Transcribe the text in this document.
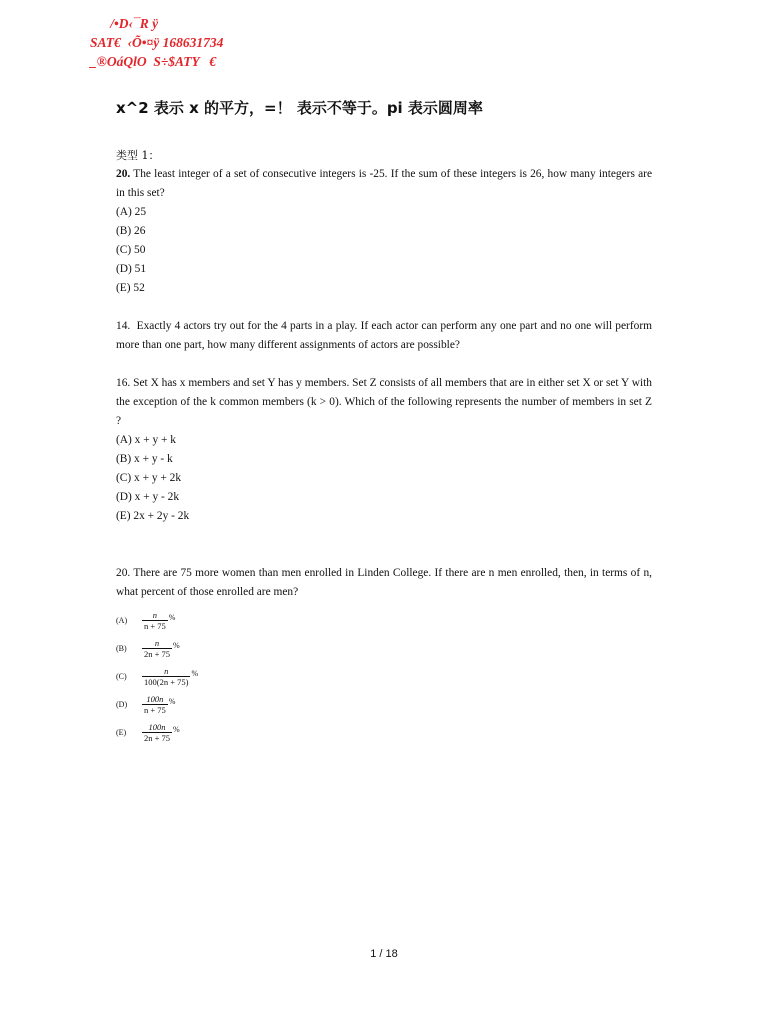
/•D‹¯R ÿ
SAT€  ‹Õ•¤ÿ 168631734
_®OáQlO  S÷$ATY   €
x^2 表示 x 的平方，=！ 表示不等于。pi 表示圆周率

类型 1：

20. The least integer of a set of consecutive integers is -25. If the sum of these integers is 26, how many integers are in this set?

(A) 25
(B) 26
(C) 50
(D) 51
(E) 52

14. Exactly 4 actors try out for the 4 parts in a play. If each actor can perform any one part and no one will perform more than one part, how many different assignments of actors are possible?

16. Set X has x members and set Y has y members. Set Z consists of all members that are in either set X or set Y with the exception of the k common members (k > 0). Which of the following represents the number of members in set Z ?

(A) x + y + k
(B) x + y - k
(C) x + y + 2k
(D) x + y - 2k
(E) 2x + 2y - 2k

20. There are 75 more women than men enrolled in Linden College. If there are n men enrolled, then, in terms of n, what percent of those enrolled are men?

(A)	$\frac{n}{n + 75}$ %
(B)	$\frac{n}{2n + 75}$ %
(C)	$\frac{n}{100(2n + 75)}$ %
(D)	$\frac{100n}{n + 75}$ %
(E)	$\frac{100n}{2n + 75}$ %
1 / 18
